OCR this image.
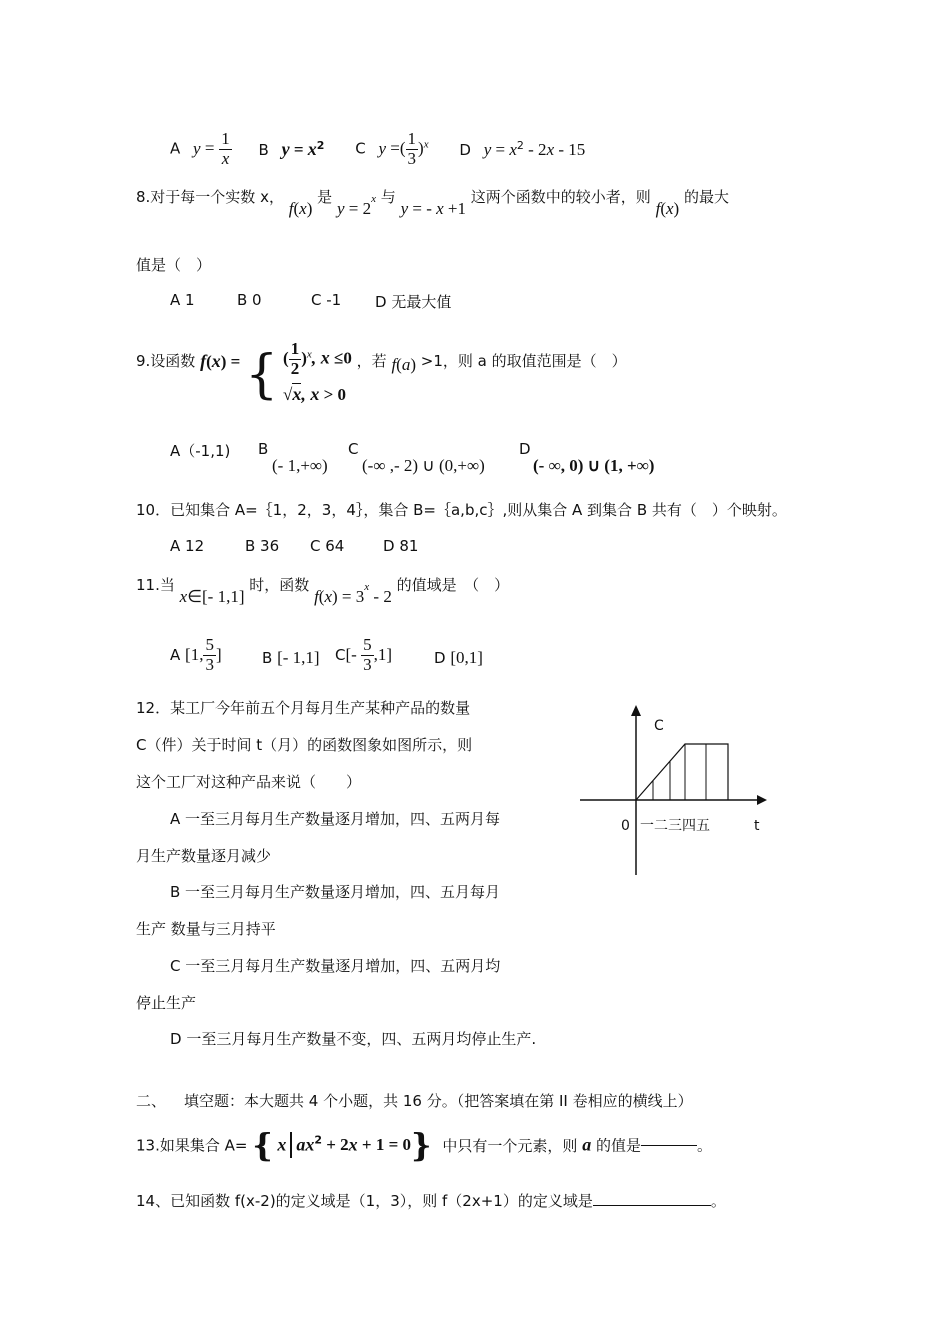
A $y = \frac{1}{x}$ B $y = x^2$ C y =( $\frac{1}{3} )^x$ D $y = x^2 - 2x - 15$
8.对于每一个实数 x， f(x) 是 $y = 2^x$ 与 y = - x +1 这两个函数中的较小者，则 f(x) 的最大
值是（　）
A 1	B 0	C -1 D 无最大值
9.设函数 f(x) = { ( $\frac{1}{2} )^x$, x ≤0
√x, x > 0
，若 f(a) >1，则 a 的取值范围是（　）
A（-1,1) B
(- 1,+∞)
C
(-∞ ,- 2) ∪ (0,+∞)
D
(- ∞, 0) ∪ (1, +∞)
10．已知集合 A=｛1，2，3，4｝，集合 B=｛a,b,c｝,则从集合 A 到集合 B 共有（　）个映射。
A 12	B 36 C 64	D 81
11.当 x∈[- 1,1] 时，函数 $f(x) = 3^x - 2$ 的值域是　（　）
A [1, $\frac{5}{3}$ ]	B [- 1,1] $C[- \frac{5}{3} ,1]$	D [0,1]
12．某工厂今年前五个月每月生产某种产品的数量
C（件）关于时间 t（月）的函数图象如图所示，则
这个工厂对这种产品来说（　　）
A 一至三月每月生产数量逐月增加，四、五两月每
月生产数量逐月减少
B 一至三月每月生产数量逐月增加，四、五月每月
生产 数量与三月持平
C 一至三月每月生产数量逐月增加，四、五两月均
停止生产
D 一至三月每月生产数量不变，四、五两月均停止生产.
C
0 一二三四五	t
二、 填空题：本大题共 4 个小题，共 16 分。（把答案填在第 II 卷相应的横线上）
13.如果集合 A= { x $ax^2 + 2x + 1 = 0$} 中只有一个元素，则 a 的值是	。
14、已知函数 f(x-2)的定义域是（1，3），则 f（2x+1）的定义域是	。
